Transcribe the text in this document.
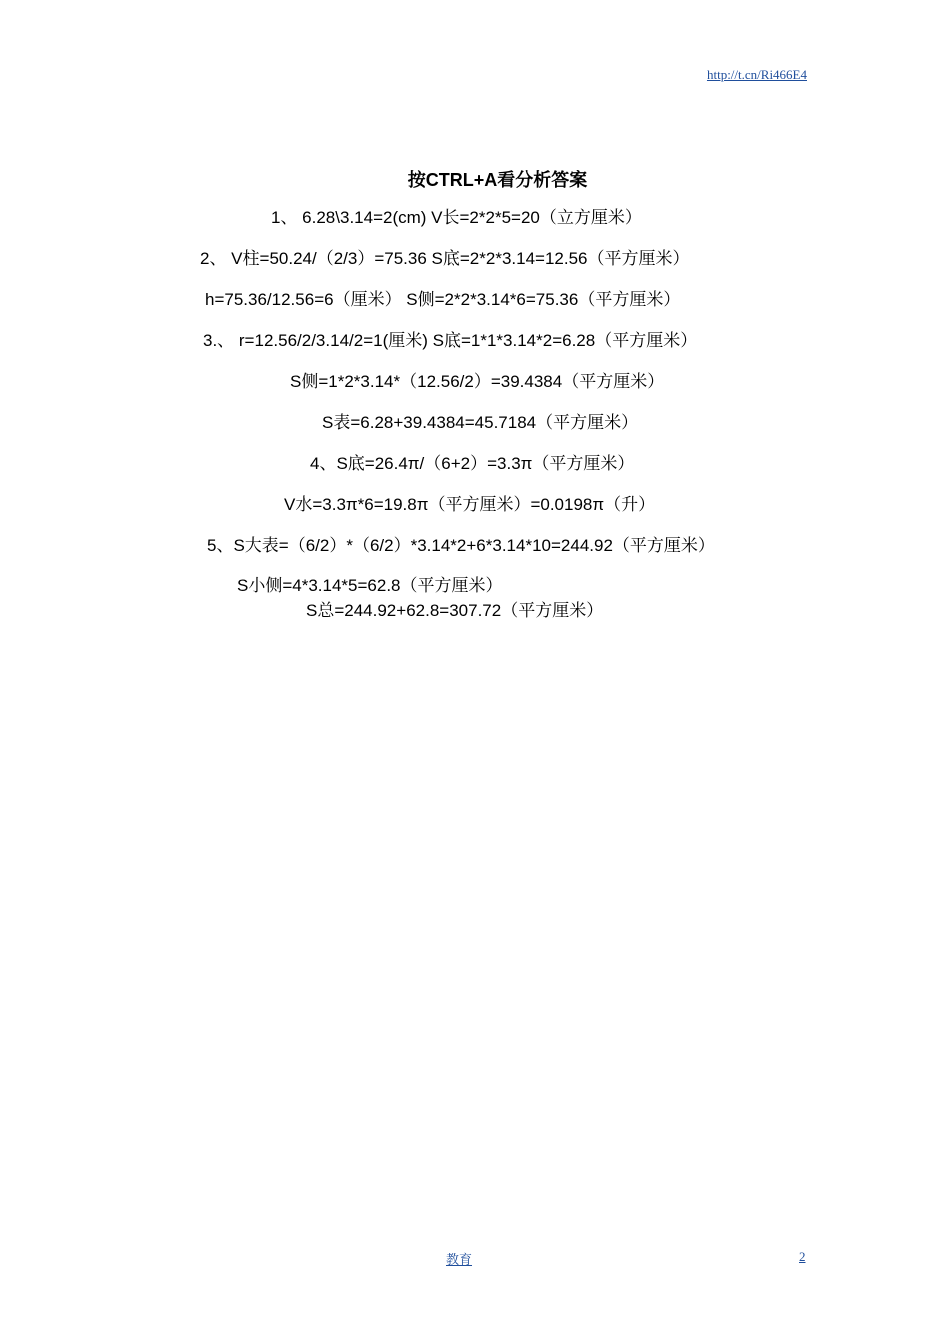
http://t.cn/Ri466E4
按CTRL+A看分析答案
1、 6.28\3.14=2(cm) V长=2*2*5=20（立方厘米）
2、 V柱=50.24/（2/3）=75.36 S底=2*2*3.14=12.56（平方厘米）
h=75.36/12.56=6（厘米） S侧=2*2*3.14*6=75.36（平方厘米）
3.、 r=12.56/2/3.14/2=1(厘米) S底=1*1*3.14*2=6.28（平方厘米）
S侧=1*2*3.14*（12.56/2）=39.4384（平方厘米）
S表=6.28+39.4384=45.7184（平方厘米）
4、S底=26.4π/（6+2）=3.3π（平方厘米）
V水=3.3π*6=19.8π（平方厘米）=0.0198π（升）
5、S大表=（6/2）*（6/2）*3.14*2+6*3.14*10=244.92（平方厘米）
S小侧=4*3.14*5=62.8（平方厘米）
S总=244.92+62.8=307.72（平方厘米）
教育	2
